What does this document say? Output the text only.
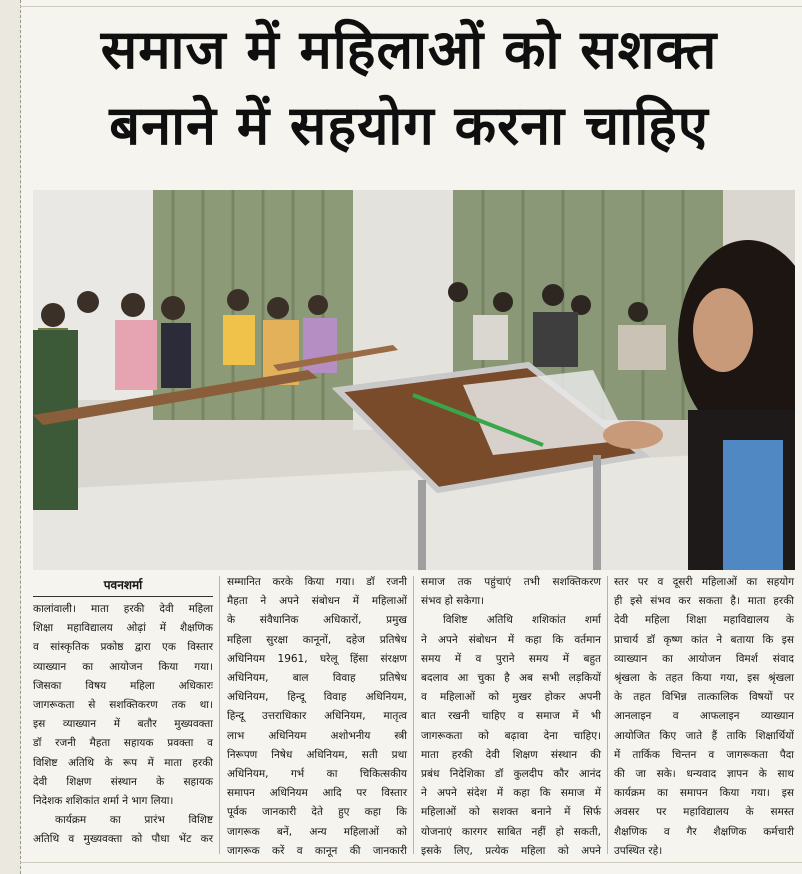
समाज में महिलाओं को सशक्त
बनाने में सहयोग करना चाहिए
पवनशर्मा

कालांवाली। माता हरकी देवी महिला

शिक्षा महाविद्यालय ओढ़ां में शैक्षणिक

व सांस्कृतिक प्रकोष्ठ द्वारा एक विस्तार

व्याख्यान का आयोजन किया गया।

जिसका विषय महिला अधिकारः

जागरूकता से सशक्तिकरण तक था।

इस व्याख्यान में बतौर मुख्यवक्ता

डॉ रजनी मैहता सहायक प्रवक्ता व

विशिष्ट अतिथि के रूप में माता हरकी

देवी शिक्षण संस्थान के सहायक

निदेशक शशिकांत शर्मा ने भाग लिया।

कार्यक्रम का प्रारंभ विशिष्ट

अतिथि व मुख्यवक्ता को पौधा भेंट कर

सम्मानित करके किया गया। डॉ रजनी

मैहता ने अपने संबोधन में महिलाओं

के संवैधानिक अधिकारों, प्रमुख

महिला सुरक्षा कानूनों, दहेज प्रतिषेध

अधिनियम 1961, घरेलू हिंसा संरक्षण

अधिनियम, बाल विवाह प्रतिषेध

अधिनियम, हिन्दू विवाह अधिनियम,

हिन्दू उत्तराधिकार अधिनियम, मातृत्व

लाभ अधिनियम अशोभनीय स्त्री

निरूपण निषेध अधिनियम, सती प्रथा

अधिनियम, गर्भ का चिकित्सकीय

समापन अधिनियम आदि पर विस्तार

पूर्वक जानकारी देते हुए कहा कि

जागरूक बनें, अन्य महिलाओं को

जागरूक करें व कानून की जानकारी

समाज तक पहुंचाएं तभी सशक्तिकरण

संभव हो सकेगा।

विशिष्ट अतिथि शशिकांत शर्मा

ने अपने संबोधन में कहा कि वर्तमान

समय में व पुराने समय में बहुत

बदलाव आ चुका है अब सभी लड़कियों

व महिलाओं को मुखर होकर अपनी

बात रखनी चाहिए व समाज में भी

जागरूकता को बढ़ावा देना चाहिए।

माता हरकी देवी शिक्षण संस्थान की

प्रबंध निदेशिका डॉ कुलदीप कौर आनंद

ने अपने संदेश में कहा कि समाज में

महिलाओं को सशक्त बनाने में सिर्फ

योजनाएं कारगर साबित नहीं हो सकती,

इसके लिए, प्रत्येक महिला को अपने

स्तर पर व दूसरी महिलाओं का सहयोग

ही इसे संभव कर सकता है। माता हरकी

देवी महिला शिक्षा महाविद्यालय के

प्राचार्य डॉ कृष्ण कांत ने बताया कि इस

व्याख्यान का आयोजन विमर्श संवाद

श्रृंखला के तहत किया गया, इस श्रृंखला

के तहत विभिन्न तात्कालिक विषयों पर

आनलाइन व आफलाइन व्याख्यान

आयोजित किए जाते हैं ताकि शिक्षार्थियों

में तार्किक चिन्तन व जागरूकता पैदा

की जा सके। धन्यवाद ज्ञापन के साथ

कार्यक्रम का समापन किया गया। इस

अवसर पर महाविद्यालय के समस्त

शैक्षणिक व गैर शैक्षणिक कर्मचारी

उपस्थित रहे।
